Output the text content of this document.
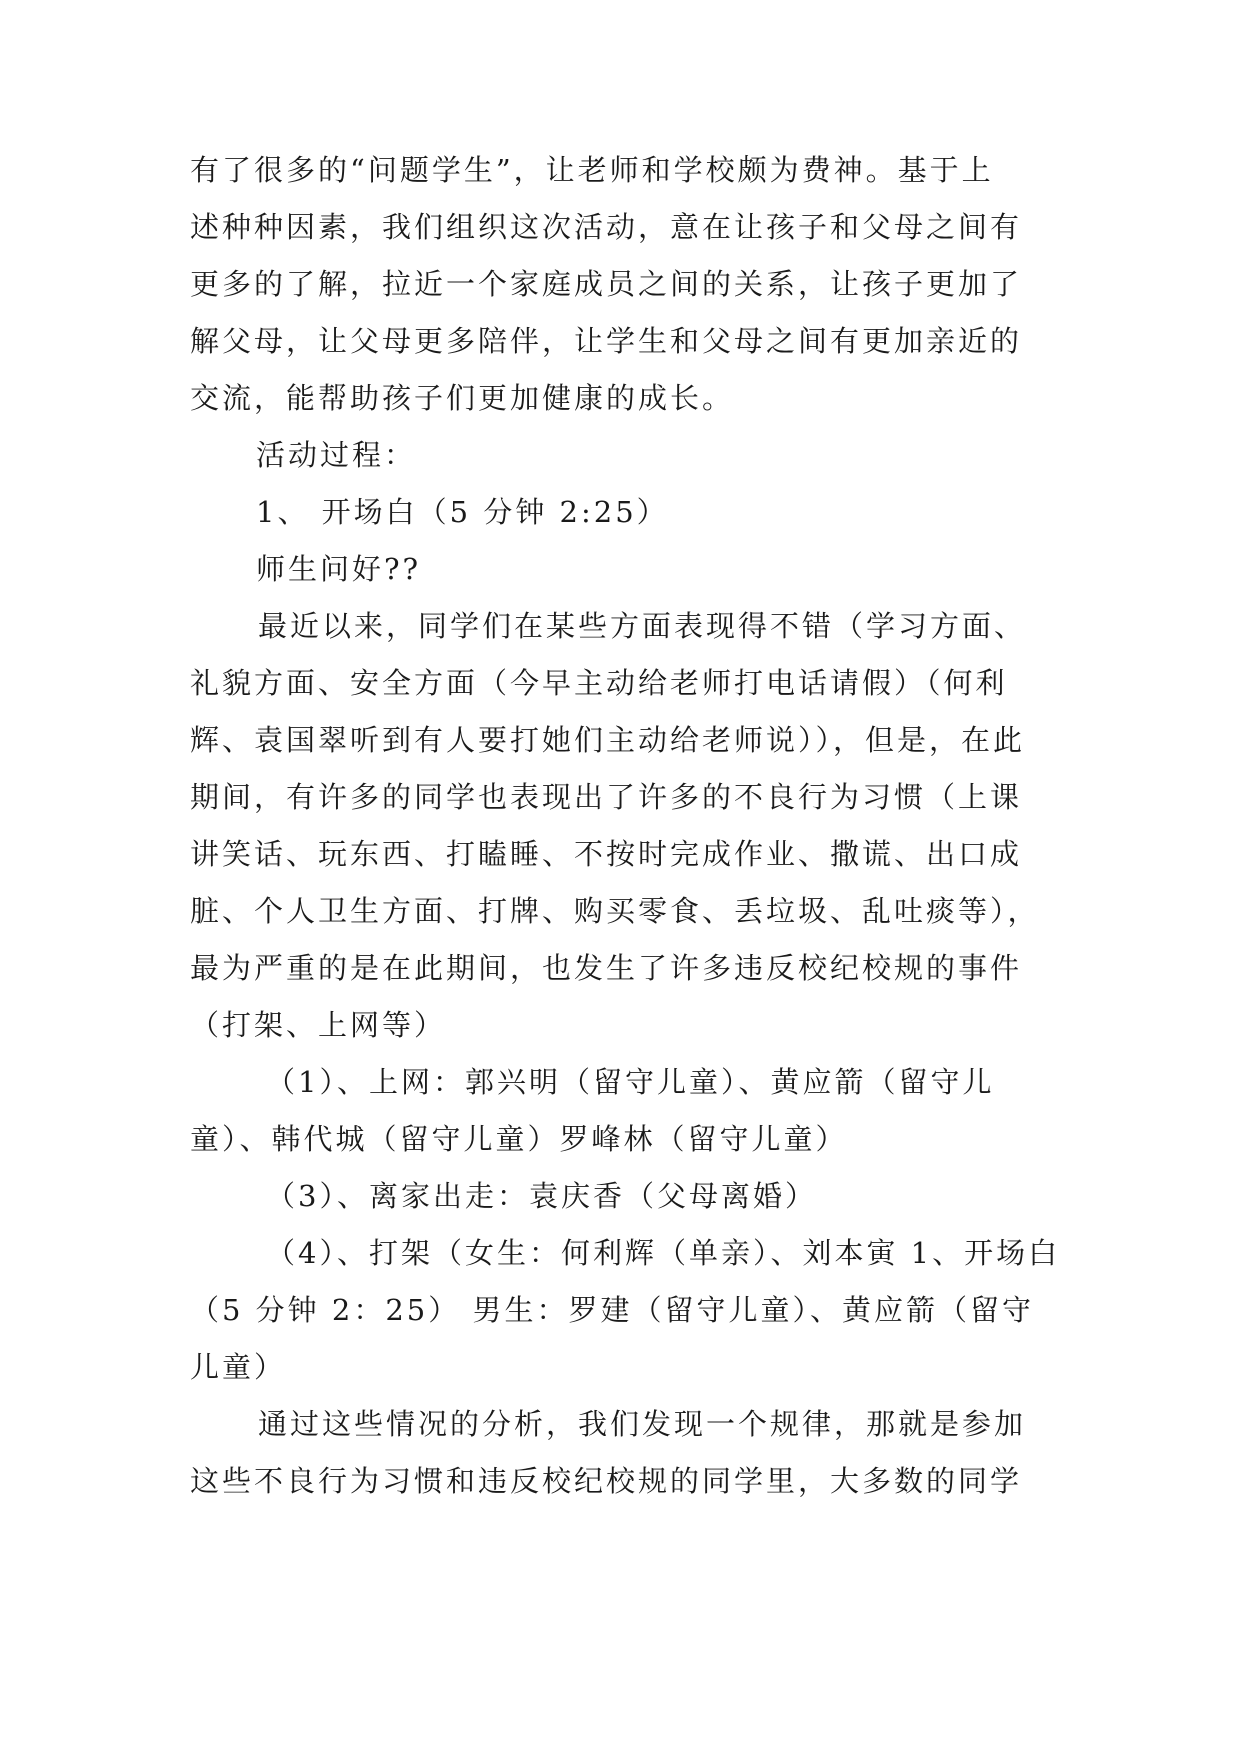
有了很多的“问题学生”，让老师和学校颇为费神。基于上
述种种因素，我们组织这次活动，意在让孩子和父母之间有
更多的了解，拉近一个家庭成员之间的关系，让孩子更加了
解父母，让父母更多陪伴，让学生和父母之间有更加亲近的
交流，能帮助孩子们更加健康的成长。
活动过程：
1、 开场白（5 分钟 2:25）
师生问好??
最近以来，同学们在某些方面表现得不错（学习方面、
礼貌方面、安全方面（今早主动给老师打电话请假）（何利
辉、袁国翠听到有人要打她们主动给老师说）），但是，在此
期间，有许多的同学也表现出了许多的不良行为习惯（上课
讲笑话、玩东西、打瞌睡、不按时完成作业、撒谎、出口成
脏、个人卫生方面、打牌、购买零食、丢垃圾、乱吐痰等），
最为严重的是在此期间，也发生了许多违反校纪校规的事件
（打架、上网等）
（1）、上网：郭兴明（留守儿童）、黄应箭（留守儿
童）、韩代城（留守儿童）罗峰林（留守儿童）
（3）、离家出走：袁庆香（父母离婚）
（4）、打架（女生：何利辉（单亲）、刘本寅 1、开场白
（5 分钟 2：25） 男生：罗建（留守儿童）、黄应箭（留守
儿童）
通过这些情况的分析，我们发现一个规律，那就是参加
这些不良行为习惯和违反校纪校规的同学里，大多数的同学
